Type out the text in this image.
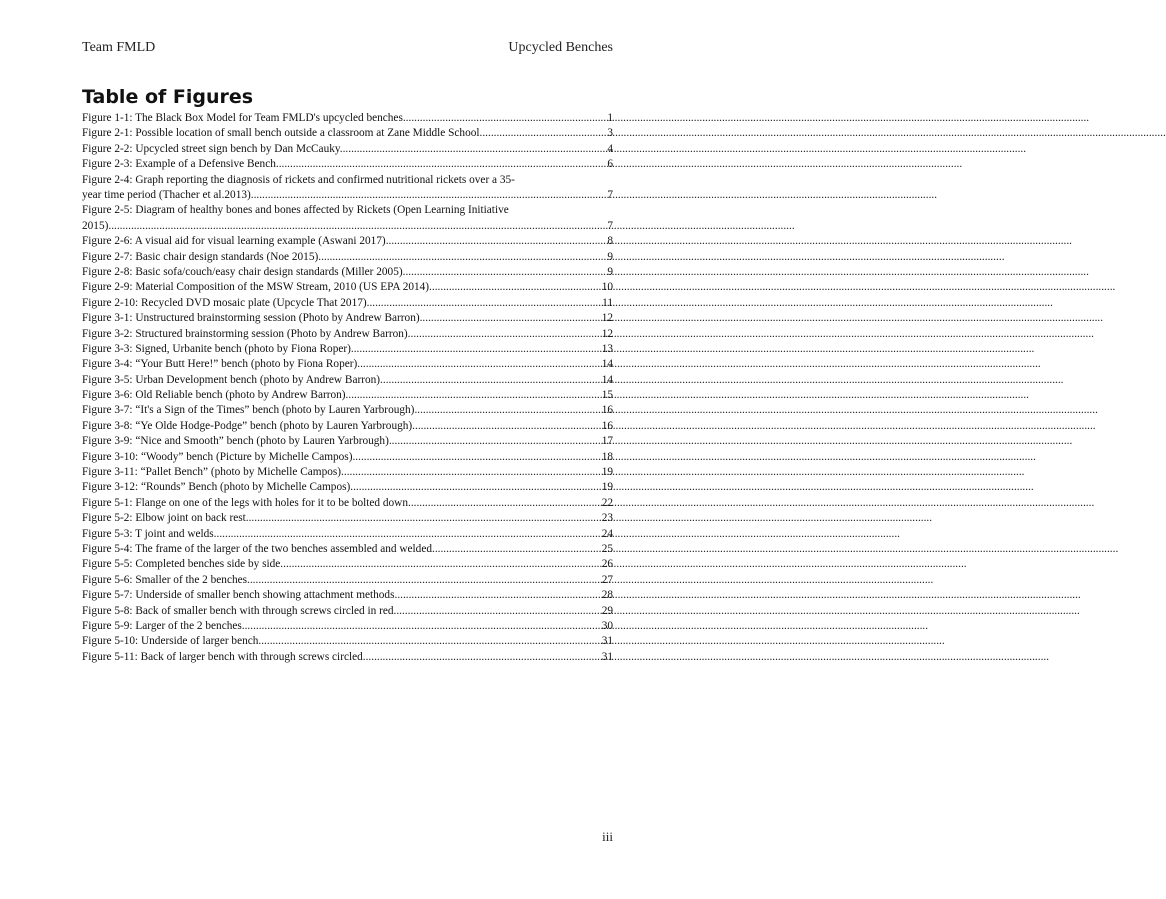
Team FMLD	Upcycled Benches
Table of Figures
Figure 1-1: The Black Box Model for Team FMLD's upcycled benches. .....	1
Figure 2-1: Possible location of small bench outside a classroom at Zane Middle School. .....	3
Figure 2-2: Upcycled street sign bench by Dan McCauky. .....	4
Figure 2-3: Example of a Defensive Bench. .....	6
Figure 2-4: Graph reporting the diagnosis of rickets and confirmed nutritional rickets over a 35-
year time period (Thacher et al.2013). .....	7
Figure 2-5: Diagram of healthy bones and bones affected by Rickets (Open Learning Initiative
2015). .....	7
Figure 2-6: A visual aid for visual learning example (Aswani 2017). .....	8
Figure 2-7: Basic chair design standards (Noe 2015). .....	9
Figure 2-8: Basic sofa/couch/easy chair design standards (Miller 2005). .....	9
Figure 2-9: Material Composition of the MSW Stream, 2010 (US EPA 2014). .....	10
Figure 2-10: Recycled DVD mosaic plate (Upcycle That 2017). .....	11
Figure 3-1: Unstructured brainstorming session (Photo by Andrew Barron) .....	12
Figure 3-2: Structured brainstorming session (Photo by Andrew Barron). .....	12
Figure 3-3: Signed, Urbanite bench (photo by Fiona Roper) .....	13
Figure 3-4: “Your Butt Here!” bench (photo by Fiona Roper) .....	14
Figure 3-5: Urban Development bench (photo by Andrew Barron) .....	14
Figure 3-6: Old Reliable bench (photo by Andrew Barron) .....	15
Figure 3-7: “It's a Sign of the Times” bench (photo by Lauren Yarbrough) .....	16
Figure 3-8: “Ye Olde Hodge-Podge” bench (photo by Lauren Yarbrough) .....	16
Figure 3-9: “Nice and Smooth” bench (photo by Lauren Yarbrough) .....	17
Figure 3-10: “Woody” bench (Picture by Michelle Campos) .....	18
Figure 3-11: “Pallet Bench” (photo by Michelle Campos) .....	19
Figure 3-12: “Rounds” Bench (photo by Michelle Campos) .....	19
Figure 5-1: Flange on one of the legs with holes for it to be bolted down. .....	22
Figure 5-2: Elbow joint on back rest. .....	23
Figure 5-3: T joint and welds. .....	24
Figure 5-4: The frame of the larger of the two benches assembled and welded. .....	25
Figure 5-5: Completed benches side by side. .....	26
Figure 5-6: Smaller of the 2 benches. .....	27
Figure 5-7: Underside of smaller bench showing attachment methods. .....	28
Figure 5-8: Back of smaller bench with through screws circled in red. .....	29
Figure 5-9: Larger of the 2 benches. .....	30
Figure 5-10: Underside of larger bench. .....	31
Figure 5-11: Back of larger bench with through screws circled. .....	31
iii
